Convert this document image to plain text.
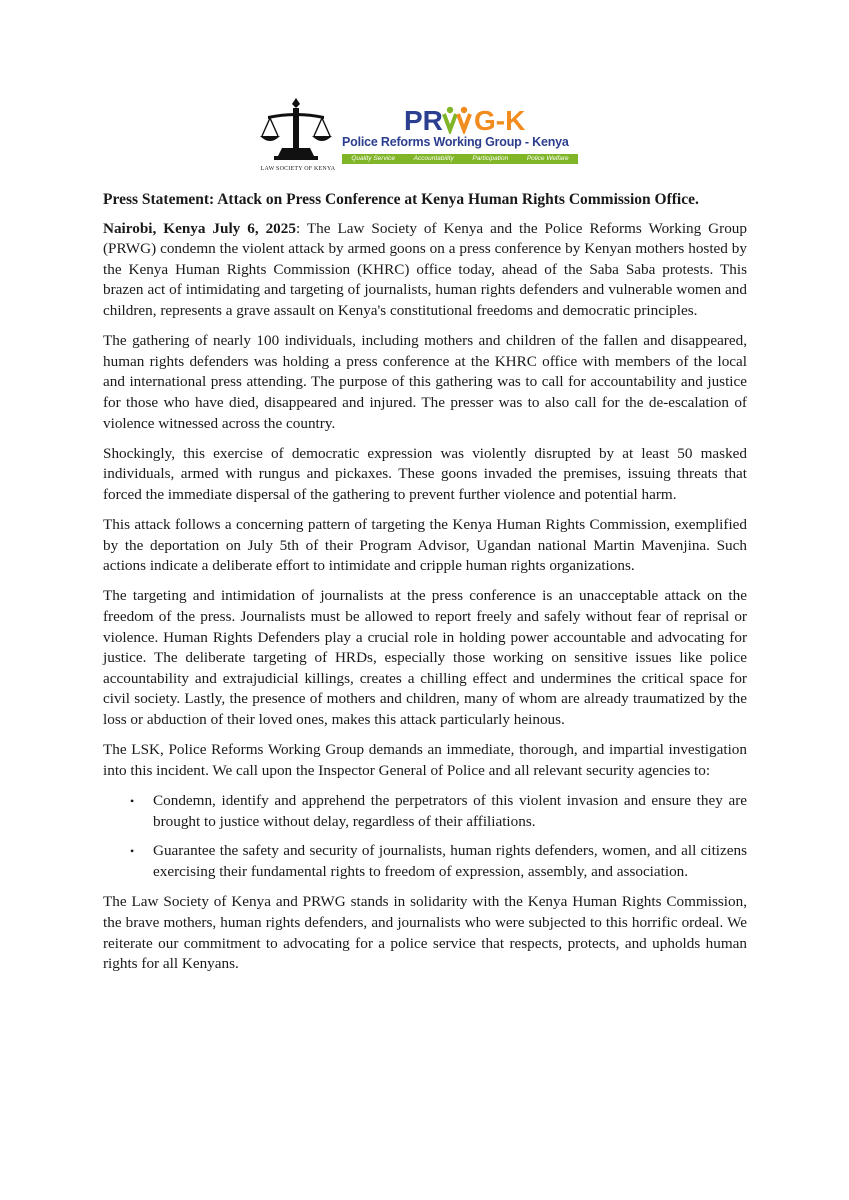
LAW SOCIETY OF KENYA
PR G-K
Police Reforms Working Group - Kenya
Quality Service	Accountability	Participation	Police Welfare
Press Statement: Attack on Press Conference at Kenya Human Rights Commission Office.

Nairobi, Kenya July 6, 2025: The Law Society of Kenya and the Police Reforms Working Group (PRWG) condemn the violent attack by armed goons on a press conference by Kenyan mothers hosted by the Kenya Human Rights Commission (KHRC) office today, ahead of the Saba Saba protests. This brazen act of intimidating and targeting of journalists, human rights defenders and vulnerable women and children, represents a grave assault on Kenya's constitutional freedoms and democratic principles.

The gathering of nearly 100 individuals, including mothers and children of the fallen and disappeared, human rights defenders was holding a press conference at the KHRC office with members of the local and international press attending. The purpose of this gathering was to call for accountability and justice for those who have died, disappeared and injured. The presser was to also call for the de-escalation of violence witnessed across the country.

Shockingly, this exercise of democratic expression was violently disrupted by at least 50 masked individuals, armed with rungus and pickaxes. These goons invaded the premises, issuing threats that forced the immediate dispersal of the gathering to prevent further violence and potential harm.

This attack follows a concerning pattern of targeting the Kenya Human Rights Commission, exemplified by the deportation on July 5th of their Program Advisor, Ugandan national Martin Mavenjina. Such actions indicate a deliberate effort to intimidate and cripple human rights organizations.

The targeting and intimidation of journalists at the press conference is an unacceptable attack on the freedom of the press. Journalists must be allowed to report freely and safely without fear of reprisal or violence. Human Rights Defenders play a crucial role in holding power accountable and advocating for justice. The deliberate targeting of HRDs, especially those working on sensitive issues like police accountability and extrajudicial killings, creates a chilling effect and undermines the critical space for civil society. Lastly, the presence of mothers and children, many of whom are already traumatized by the loss or abduction of their loved ones, makes this attack particularly heinous.

The LSK, Police Reforms Working Group demands an immediate, thorough, and impartial investigation into this incident. We call upon the Inspector General of Police and all relevant security agencies to:

• Condemn, identify and apprehend the perpetrators of this violent invasion and ensure they are brought to justice without delay, regardless of their affiliations.
• Guarantee the safety and security of journalists, human rights defenders, women, and all citizens exercising their fundamental rights to freedom of expression, assembly, and association.

The Law Society of Kenya and PRWG stands in solidarity with the Kenya Human Rights Commission, the brave mothers, human rights defenders, and journalists who were subjected to this horrific ordeal. We reiterate our commitment to advocating for a police service that respects, protects, and upholds human rights for all Kenyans.
